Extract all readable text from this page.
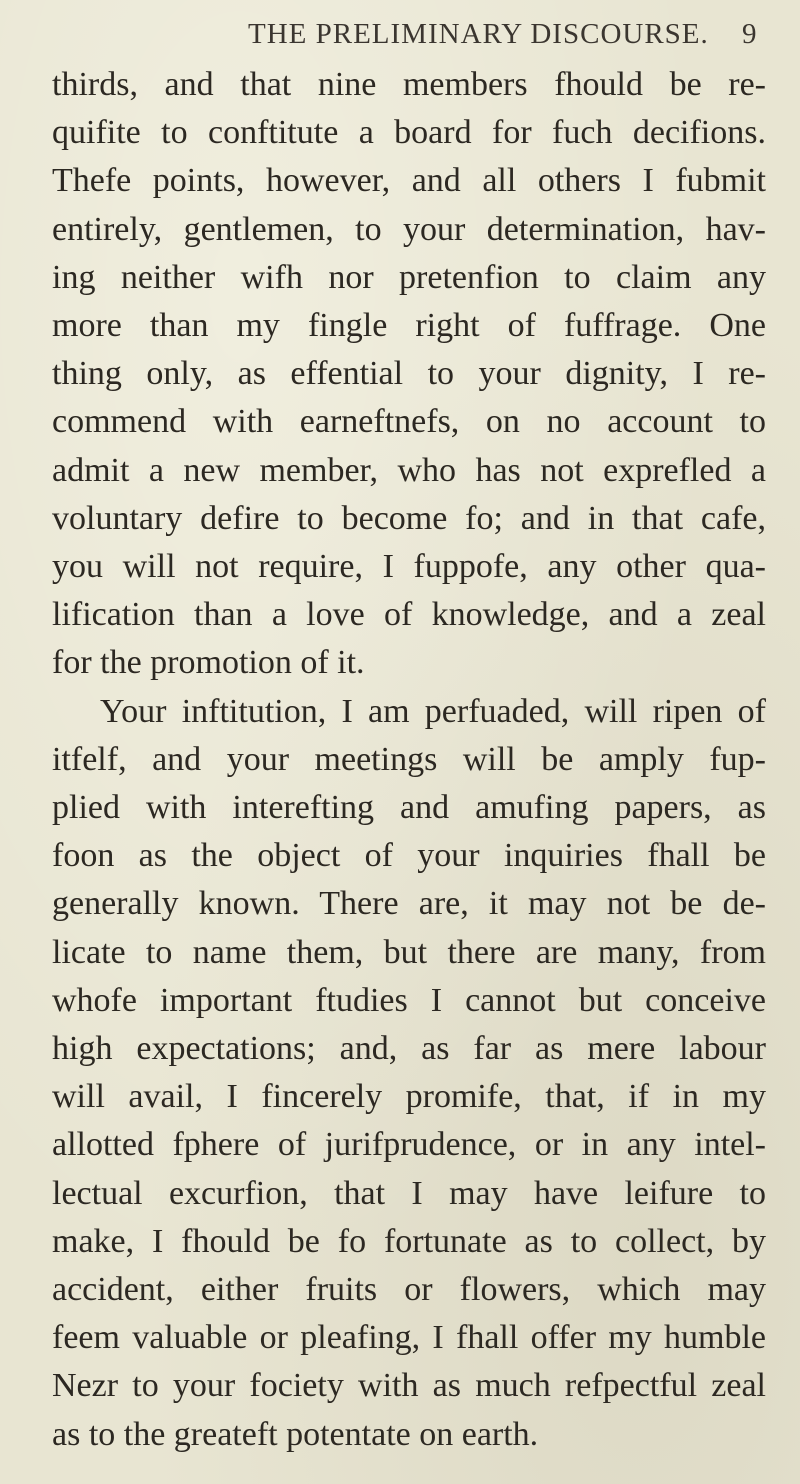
THE PRELIMINARY DISCOURSE. 9
thirds, and that nine members fhould be re-
quifite to conftitute a board for fuch decifions.
Thefe points, however, and all others I fubmit
entirely, gentlemen, to your determination, hav-
ing neither wifh nor pretenfion to claim any
more than my fingle right of fuffrage. One
thing only, as effential to your dignity, I re-
commend with earneftnefs, on no account to
admit a new member, who has not exprefled a
voluntary defire to become fo; and in that cafe,
you will not require, I fuppofe, any other qua-
lification than a love of knowledge, and a zeal
for the promotion of it.
Your inftitution, I am perfuaded, will ripen of
itfelf, and your meetings will be amply fup-
plied with interefting and amufing papers, as
foon as the object of your inquiries fhall be
generally known. There are, it may not be de-
licate to name them, but there are many, from
whofe important ftudies I cannot but conceive
high expectations; and, as far as mere labour
will avail, I fincerely promife, that, if in my
allotted fphere of jurifprudence, or in any intel-
lectual excurfion, that I may have leifure to
make, I fhould be fo fortunate as to collect, by
accident, either fruits or flowers, which may
feem valuable or pleafing, I fhall offer my humble
Nezr to your fociety with as much refpectful zeal
as to the greateft potentate on earth.
